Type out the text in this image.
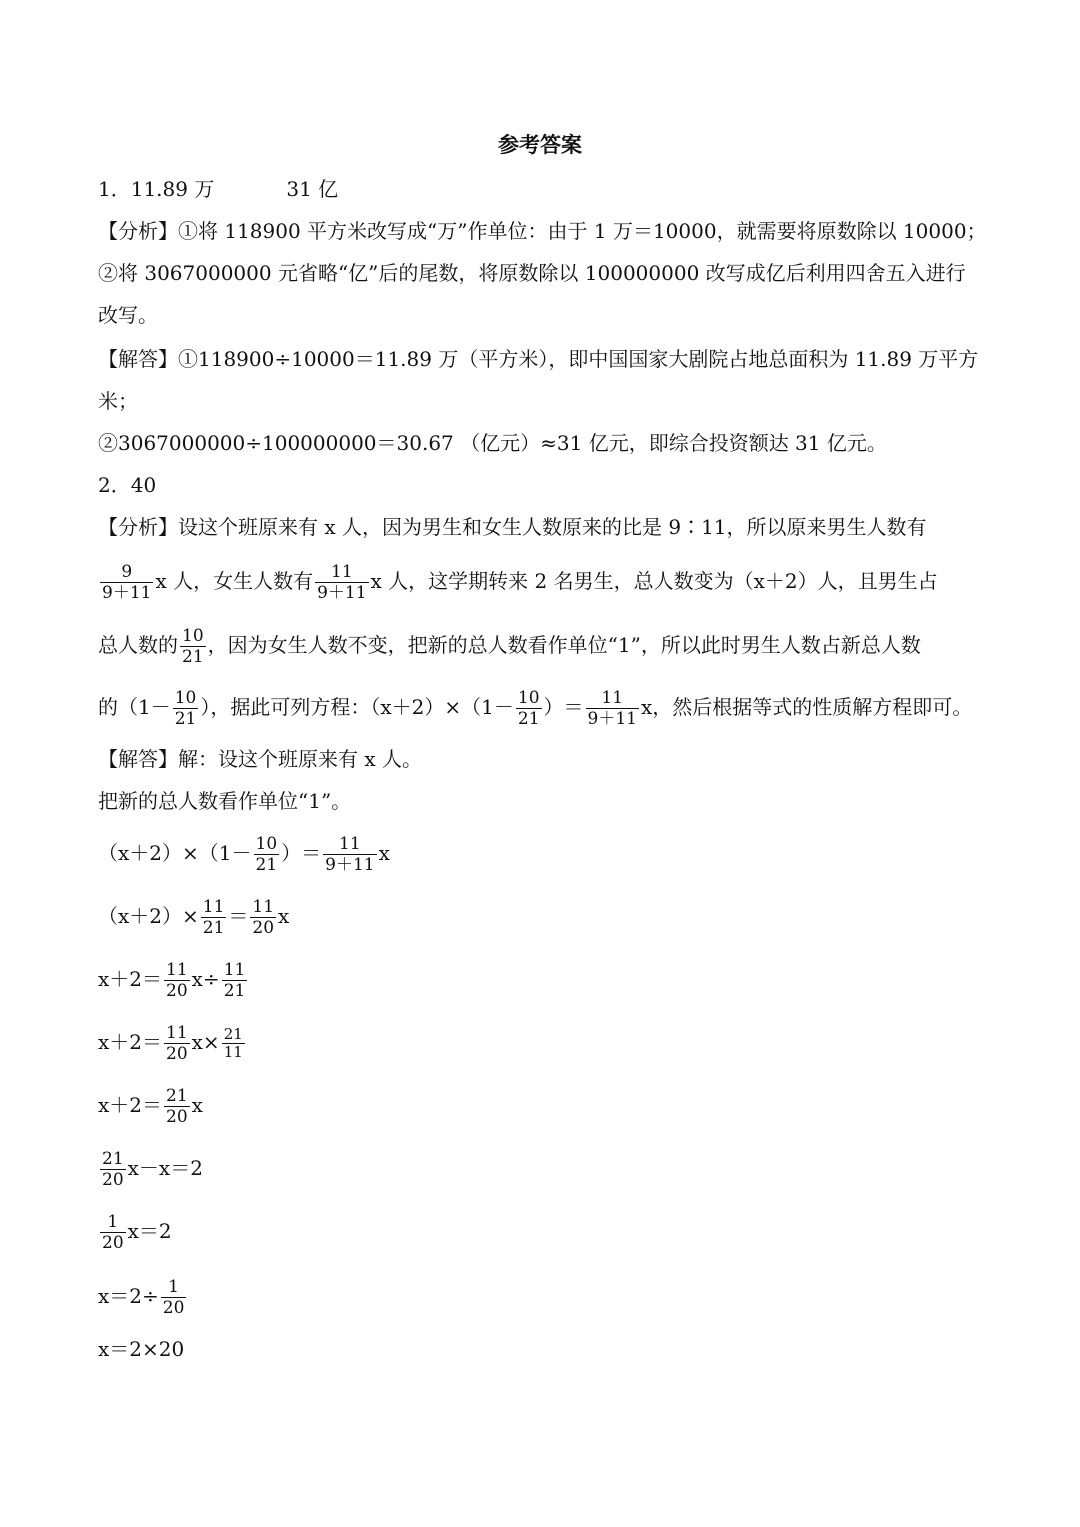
参考答案
1．11.89 万	31 亿
【分析】①将 118900 平方米改写成“万”作单位：由于 1 万＝10000，就需要将原数除以 10000；
②将 3067000000 元省略“亿”后的尾数，将原数除以 100000000 改写成亿后利用四舍五入进行
改写。
【解答】①118900÷10000＝11.89 万（平方米），即中国国家大剧院占地总面积为 11.89 万平方
米；
②3067000000÷100000000＝30.67 （亿元）≈31 亿元，即综合投资额达 31 亿元。
2．40
【分析】设这个班原来有 x 人，因为男生和女生人数原来的比是 9∶11，所以原来男生人数有
$\frac{9}{9+11}$ x 人，女生人数有 $\frac{11}{9+11}$ x 人，这学期转来 2 名男生，总人数变为（x＋2）人，且男生占
总人数的 $\frac{10}{21}$ ，因为女生人数不变，把新的总人数看作单位“1”，所以此时男生人数占新总人数
的（$1- \frac{10}{21}$ ），据此可列方程：$(x+2)\times(1- \frac{10}{21}$ ）＝ $\frac{11}{9+11}$ x，然后根据等式的性质解方程即可。
【解答】解：设这个班原来有 x 人。
把新的总人数看作单位“1”。
$(x+2)\times(1- \frac{10}{21}$ ）＝ $\frac{11}{9+11}$ x
$(x+2)\times \frac{11}{21} = \frac{11}{20}$ x
$x+2= \frac{11}{20} x\div \frac{11}{21}$
$x+2= \frac{11}{20} x\times \frac{21}{11}$
$x+2= \frac{21}{20}$ x
$\frac{21}{20} x-x=2$
$\frac{1}{20} x=2$
$x=2\div \frac{1}{20}$
x＝2×20
